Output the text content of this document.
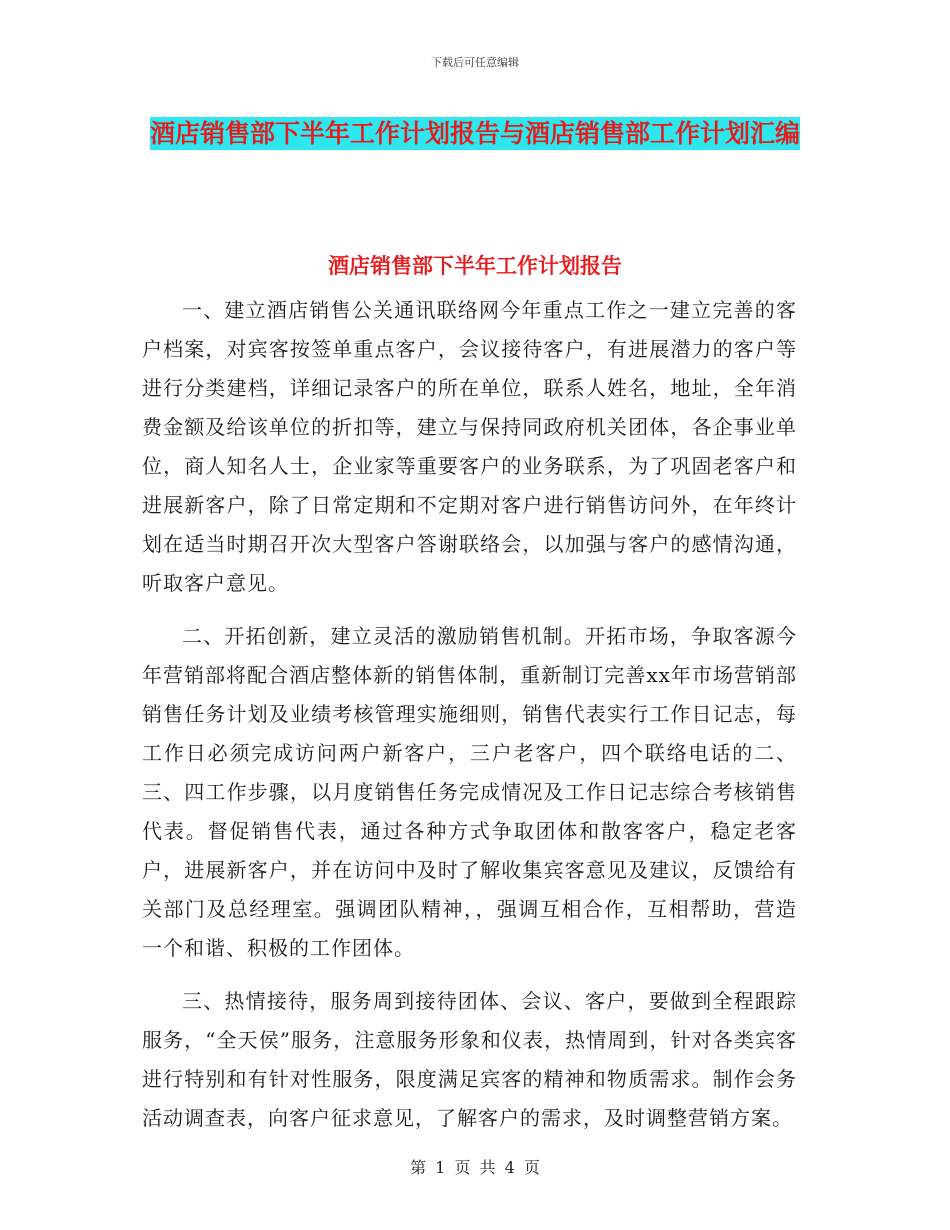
下载后可任意编辑
酒店销售部下半年工作计划报告与酒店销售部工作计划汇编
酒店销售部下半年工作计划报告

一、建立酒店销售公关通讯联络网今年重点工作之一建立完善的客户档案，对宾客按签单重点客户，会议接待客户，有进展潜力的客户等进行分类建档，详细记录客户的所在单位，联系人姓名，地址，全年消费金额及给该单位的折扣等，建立与保持同政府机关团体，各企事业单位，商人知名人士，企业家等重要客户的业务联系，为了巩固老客户和进展新客户，除了日常定期和不定期对客户进行销售访问外，在年终计划在适当时期召开次大型客户答谢联络会，以加强与客户的感情沟通，听取客户意见。

二、开拓创新，建立灵活的激励销售机制。开拓市场，争取客源今年营销部将配合酒店整体新的销售体制，重新制订完善xx年市场营销部销售任务计划及业绩考核管理实施细则，销售代表实行工作日记志，每工作日必须完成访问两户新客户，三户老客户，四个联络电话的二、三、四工作步骤，以月度销售任务完成情况及工作日记志综合考核销售代表。督促销售代表，通过各种方式争取团体和散客客户，稳定老客户，进展新客户，并在访问中及时了解收集宾客意见及建议，反馈给有关部门及总经理室。强调团队精神，，强调互相合作，互相帮助，营造一个和谐、积极的工作团体。

三、热情接待，服务周到接待团体、会议、客户，要做到全程跟踪服务，“全天侯”服务，注意服务形象和仪表，热情周到，针对各类宾客进行特别和有针对性服务，限度满足宾客的精神和物质需求。制作会务活动调查表，向客户征求意见，了解客户的需求，及时调整营销方案。

第 1 页 共 4 页
